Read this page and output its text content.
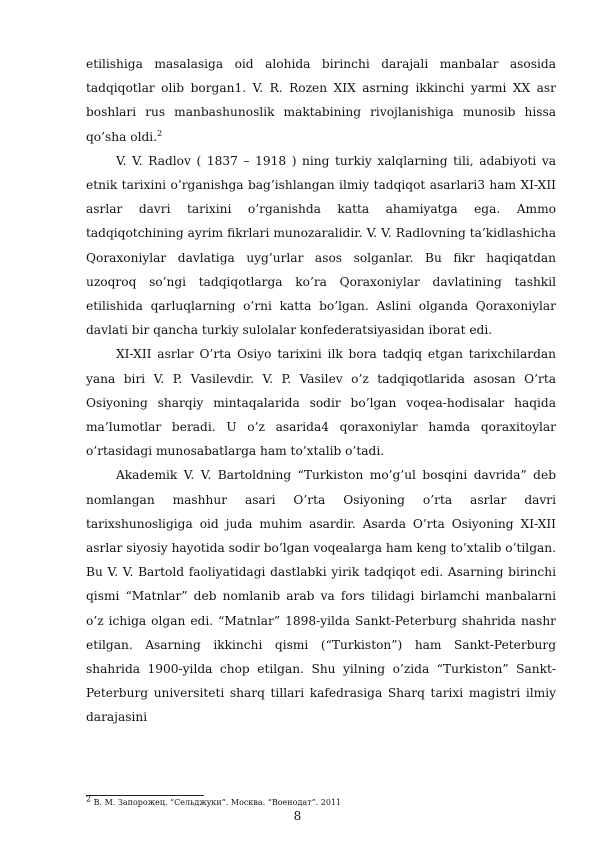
etilishiga masalasiga oid alohida birinchi darajali manbalar asosida tadqiqotlar olib borgan1. V. R. Rozen XIX asrning ikkinchi yarmi XX asr boshlari rus manbashunoslik maktabining rivojlanishiga munosib hissa qo’sha oldi.$^2$

V. V. Radlov ( 1837 – 1918 ) ning turkiy xalqlarning tili, adabiyoti va etnik tarixini o’rganishga bag’ishlangan ilmiy tadqiqot asarlari3 ham XI-XII asrlar davri tarixini o’rganishda katta ahamiyatga ega. Ammo tadqiqotchining ayrim fikrlari munozaralidir. V. V. Radlovning ta’kidlashicha Qoraxoniylar davlatiga uyg’urlar asos solganlar. Bu fikr haqiqatdan uzoqroq so’ngi tadqiqotlarga ko’ra Qoraxoniylar davlatining tashkil etilishida qarluqlarning o’rni katta bo’lgan. Aslini olganda Qoraxoniylar davlati bir qancha turkiy sulolalar konfederatsiyasidan iborat edi.

XI-XII asrlar O’rta Osiyo tarixini ilk bora tadqiq etgan tarixchilardan yana biri V. P. Vasilevdir. V. P. Vasilev o’z tadqiqotlarida asosan O’rta Osiyoning sharqiy mintaqalarida sodir bo’lgan voqea-hodisalar haqida ma’lumotlar beradi. U o’z asarida4 qoraxoniylar hamda qoraxitoylar o’rtasidagi munosabatlarga ham to’xtalib o’tadi.

Akademik V. V. Bartoldning “Turkiston mo’g’ul bosqini davrida” deb nomlangan mashhur asari O’rta Osiyoning o’rta asrlar davri tarixshunosligiga oid juda muhim asardir. Asarda O’rta Osiyoning XI-XII asrlar siyosiy hayotida sodir bo’lgan voqealarga ham keng to’xtalib o’tilgan. Bu V. V. Bartold faoliyatidagi dastlabki yirik tadqiqot edi. Asarning birinchi qismi “Matnlar” deb nomlanib arab va fors tilidagi birlamchi manbalarni o’z ichiga olgan edi. “Matnlar” 1898-yilda Sankt-Peterburg shahrida nashr etilgan. Asarning ikkinchi qismi (“Turkiston”) ham Sankt-Peterburg shahrida 1900-yilda chop etilgan. Shu yilning o’zida “Turkiston” Sankt-Peterburg universiteti sharq tillari kafedrasiga Sharq tarixi magistri ilmiy darajasini

$^2$ В. М. Запорожец. “Сельджуки”. Москва. “Военодат”. 2011
8
